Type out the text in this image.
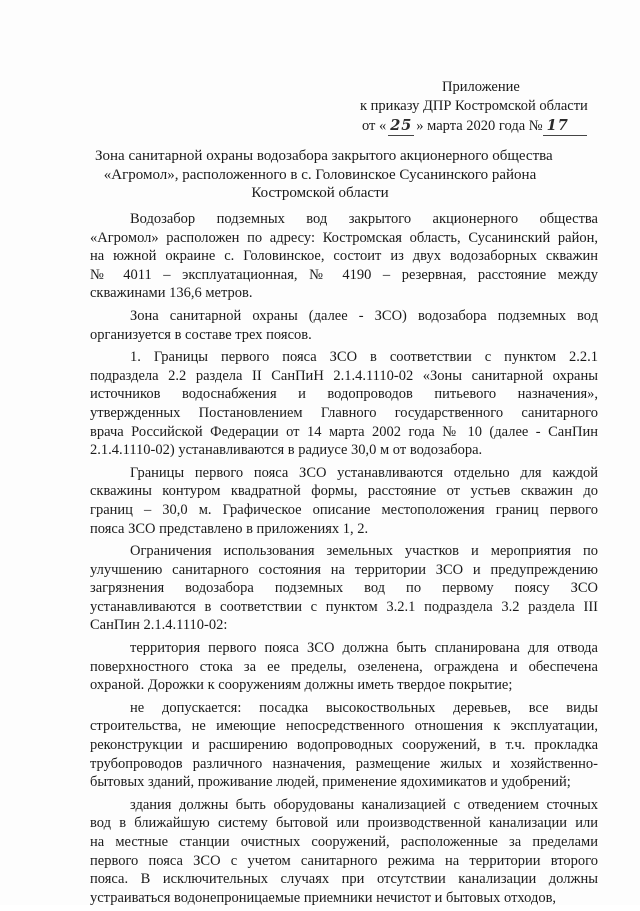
Приложение
к приказу ДПР Костромской области
от « 25 » марта 2020 года № 17
Зона санитарной охраны водозабора закрытого акционерного общества
«Агромол», расположенного в с. Головинское Сусанинского района
Костромской области
Водозабор подземных вод закрытого акционерного общества
«Агромол» расположен по адресу: Костромская область, Сусанинский район,
на южной окраине с. Головинское, состоит из двух водозаборных скважин
№ 4011 – эксплуатационная, № 4190 – резервная, расстояние между
скважинами 136,6 метров.
Зона санитарной охраны (далее - ЗСО) водозабора подземных вод
организуется в составе трех поясов.
1. Границы первого пояса ЗСО в соответствии с пунктом 2.2.1
подраздела 2.2 раздела II СанПиН 2.1.4.1110-02 «Зоны санитарной охраны
источников водоснабжения и водопроводов питьевого назначения»,
утвержденных Постановлением Главного государственного санитарного
врача Российской Федерации от 14 марта 2002 года № 10 (далее - СанПин
2.1.4.1110-02) устанавливаются в радиусе 30,0 м от водозабора.
Границы первого пояса ЗСО устанавливаются отдельно для каждой
скважины контуром квадратной формы, расстояние от устьев скважин до
границ – 30,0 м. Графическое описание местоположения границ первого
пояса ЗСО представлено в приложениях 1, 2.
Ограничения использования земельных участков и мероприятия по
улучшению санитарного состояния на территории ЗСО и предупреждению
загрязнения водозабора подземных вод по первому поясу ЗСО
устанавливаются в соответствии с пунктом 3.2.1 подраздела 3.2 раздела III
СанПин 2.1.4.1110-02:
территория первого пояса ЗСО должна быть спланирована для отвода
поверхностного стока за ее пределы, озеленена, ограждена и обеспечена
охраной. Дорожки к сооружениям должны иметь твердое покрытие;
не допускается: посадка высокоствольных деревьев, все виды
строительства, не имеющие непосредственного отношения к эксплуатации,
реконструкции и расширению водопроводных сооружений, в т.ч. прокладка
трубопроводов различного назначения, размещение жилых и хозяйственно-
бытовых зданий, проживание людей, применение ядохимикатов и удобрений;
здания должны быть оборудованы канализацией с отведением сточных
вод в ближайшую систему бытовой или производственной канализации или
на местные станции очистных сооружений, расположенные за пределами
первого пояса ЗСО с учетом санитарного режима на территории второго
пояса. В исключительных случаях при отсутствии канализации должны
устраиваться водонепроницаемые приемники нечистот и бытовых отходов,
